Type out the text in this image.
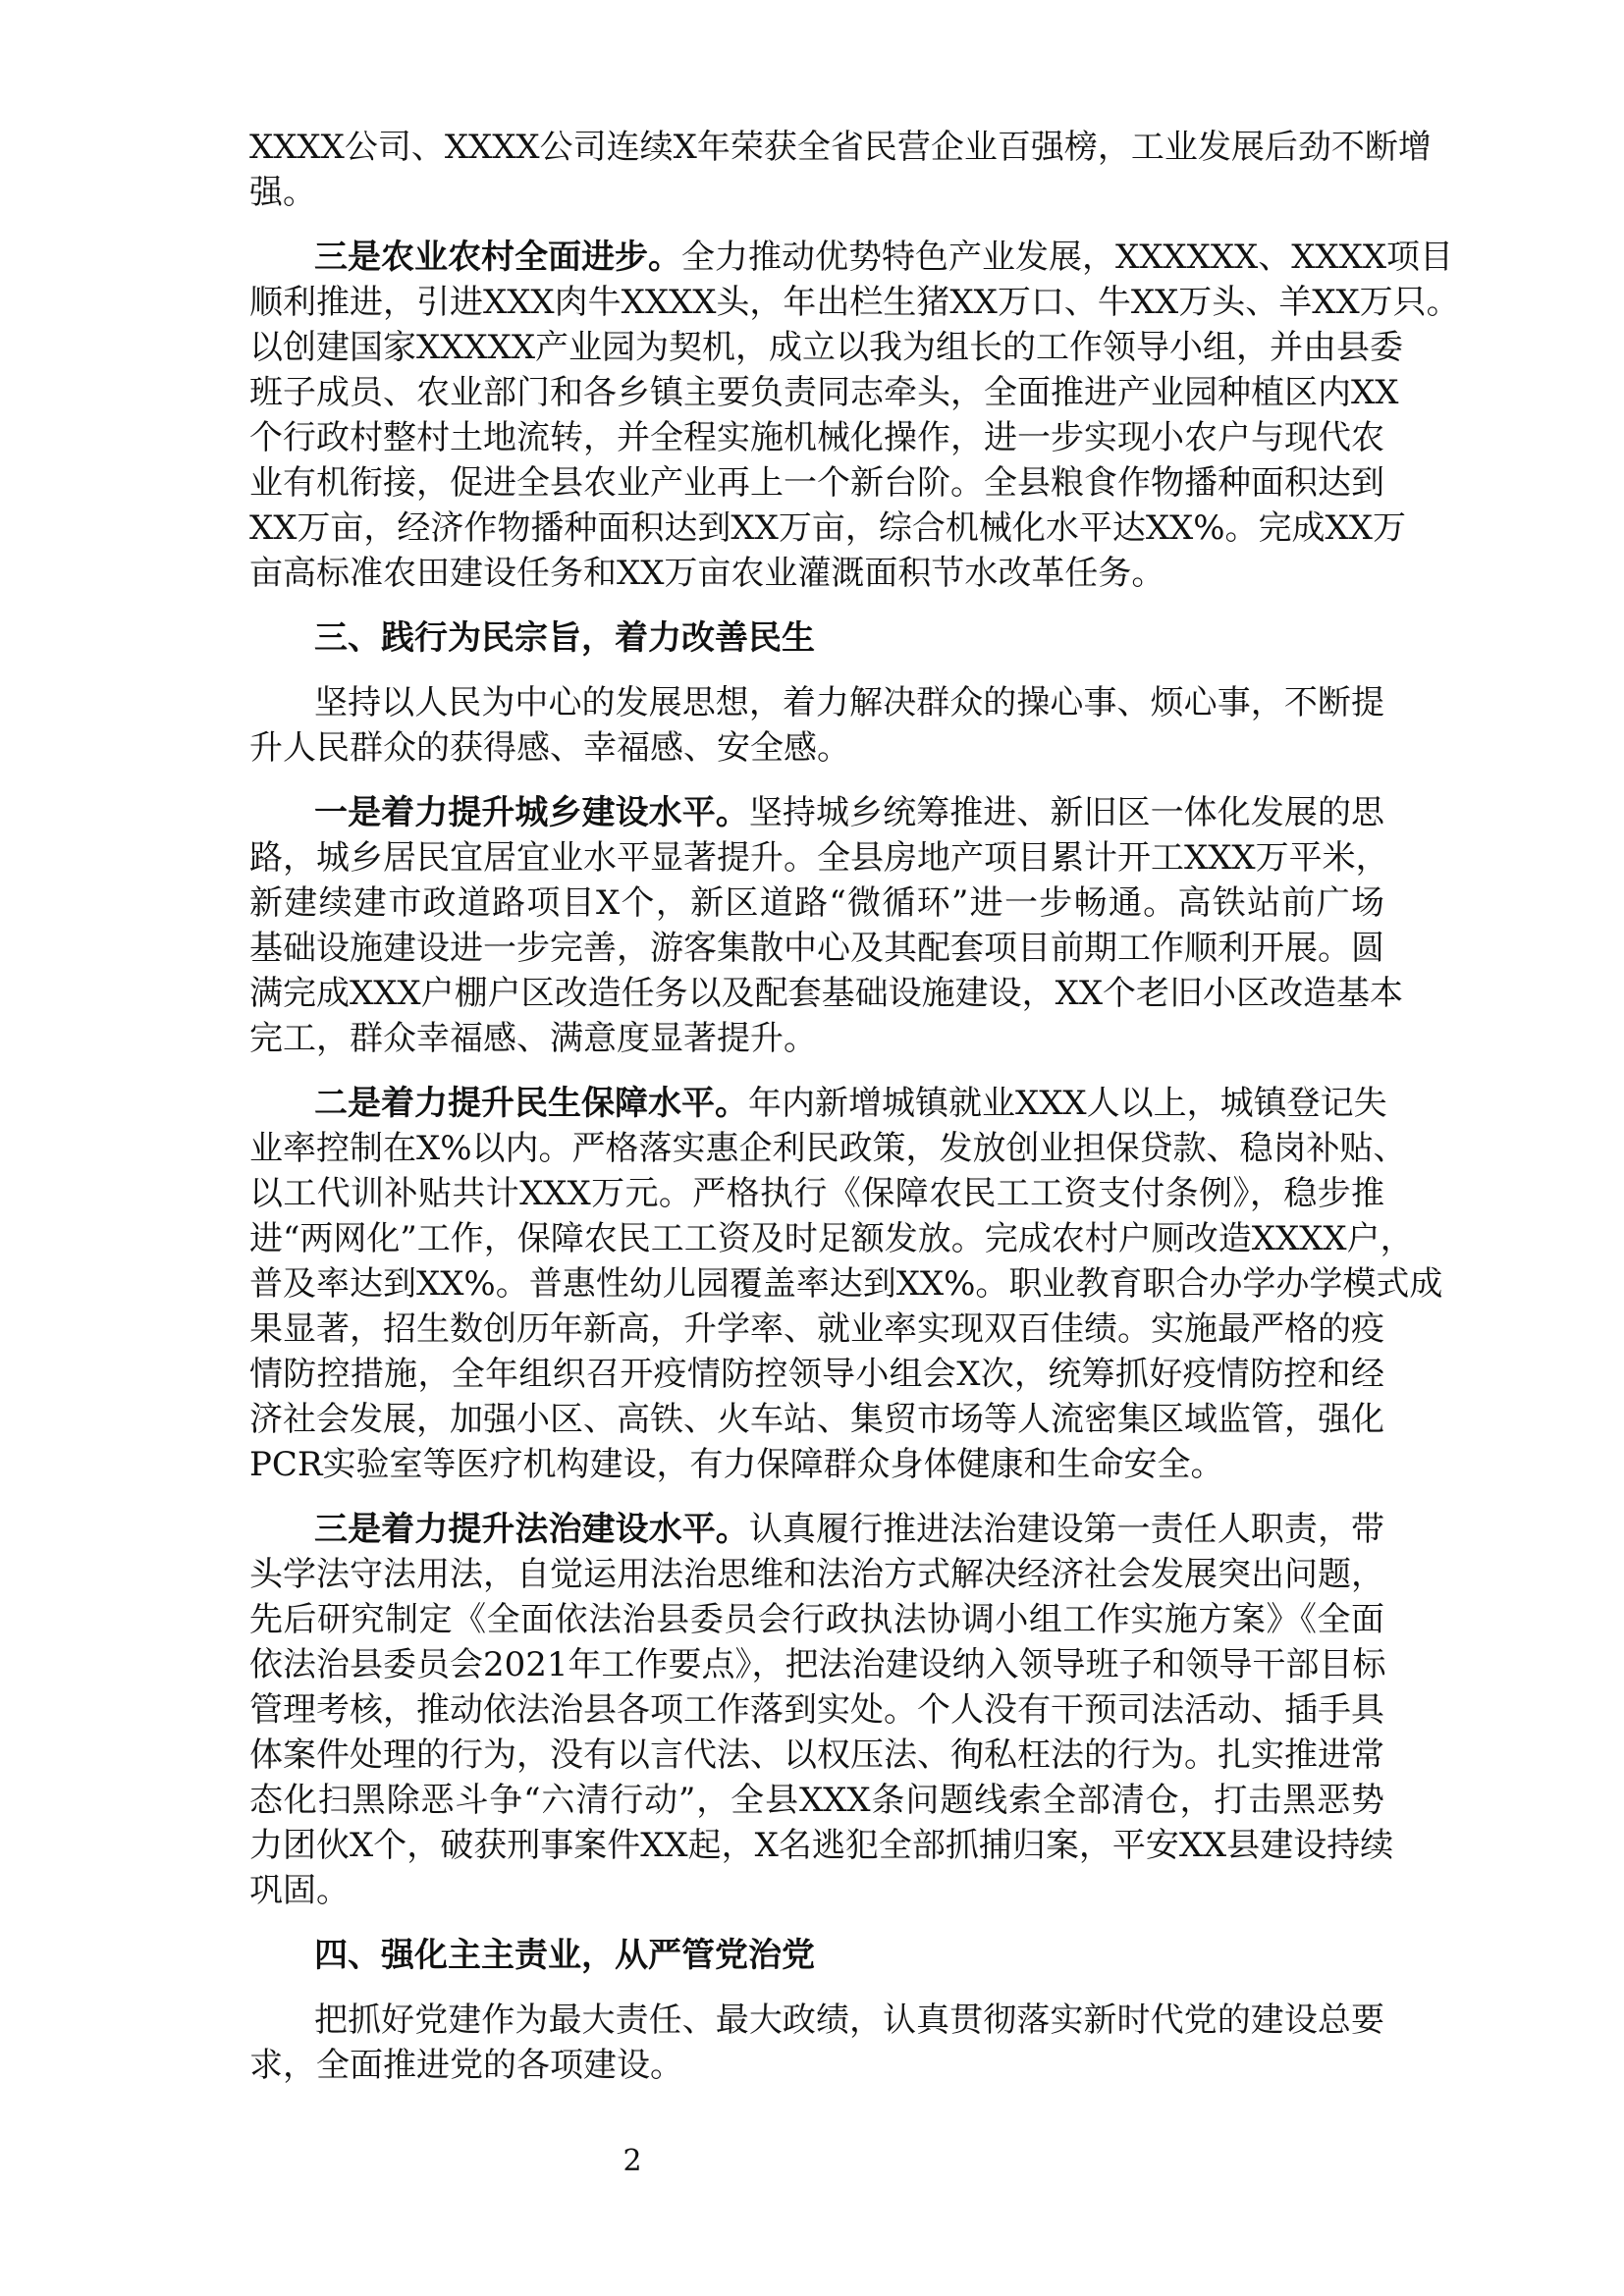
XXXX公司、XXXX公司连续X年荣获全省民营企业百强榜，工业发展后劲不断增
强。
三是农业农村全面进步。全力推动优势特色产业发展，XXXXXX、XXXX项目
顺利推进，引进XXX肉牛XXXX头，年出栏生猪XX万口、牛XX万头、羊XX万只。
以创建国家XXXXX产业园为契机，成立以我为组长的工作领导小组，并由县委
班子成员、农业部门和各乡镇主要负责同志牵头，全面推进产业园种植区内XX
个行政村整村土地流转，并全程实施机械化操作，进一步实现小农户与现代农
业有机衔接，促进全县农业产业再上一个新台阶。全县粮食作物播种面积达到
XX万亩，经济作物播种面积达到XX万亩，综合机械化水平达XX%。完成XX万
亩高标准农田建设任务和XX万亩农业灌溉面积节水改革任务。
三、践行为民宗旨，着力改善民生
坚持以人民为中心的发展思想，着力解决群众的操心事、烦心事，不断提
升人民群众的获得感、幸福感、安全感。
一是着力提升城乡建设水平。坚持城乡统筹推进、新旧区一体化发展的思
路，城乡居民宜居宜业水平显著提升。全县房地产项目累计开工XXX万平米，
新建续建市政道路项目X个，新区道路“微循环”进一步畅通。高铁站前广场
基础设施建设进一步完善，游客集散中心及其配套项目前期工作顺利开展。圆
满完成XXX户棚户区改造任务以及配套基础设施建设，XX个老旧小区改造基本
完工，群众幸福感、满意度显著提升。
二是着力提升民生保障水平。年内新增城镇就业XXX人以上，城镇登记失
业率控制在X%以内。严格落实惠企利民政策，发放创业担保贷款、稳岗补贴、
以工代训补贴共计XXX万元。严格执行《保障农民工工资支付条例》，稳步推
进“两网化”工作，保障农民工工资及时足额发放。完成农村户厕改造XXXX户，
普及率达到XX%。普惠性幼儿园覆盖率达到XX%。职业教育职合办学办学模式成
果显著，招生数创历年新高，升学率、就业率实现双百佳绩。实施最严格的疫
情防控措施，全年组织召开疫情防控领导小组会X次，统筹抓好疫情防控和经
济社会发展，加强小区、高铁、火车站、集贸市场等人流密集区域监管，强化
PCR实验室等医疗机构建设，有力保障群众身体健康和生命安全。
三是着力提升法治建设水平。认真履行推进法治建设第一责任人职责，带
头学法守法用法，自觉运用法治思维和法治方式解决经济社会发展突出问题，
先后研究制定《全面依法治县委员会行政执法协调小组工作实施方案》《全面
依法治县委员会2021年工作要点》，把法治建设纳入领导班子和领导干部目标
管理考核，推动依法治县各项工作落到实处。个人没有干预司法活动、插手具
体案件处理的行为，没有以言代法、以权压法、徇私枉法的行为。扎实推进常
态化扫黑除恶斗争“六清行动”，全县XXX条问题线索全部清仓，打击黑恶势
力团伙X个，破获刑事案件XX起，X名逃犯全部抓捕归案，平安XX县建设持续
巩固。
四、强化主主责业，从严管党治党
把抓好党建作为最大责任、最大政绩，认真贯彻落实新时代党的建设总要
求，全面推进党的各项建设。
2
